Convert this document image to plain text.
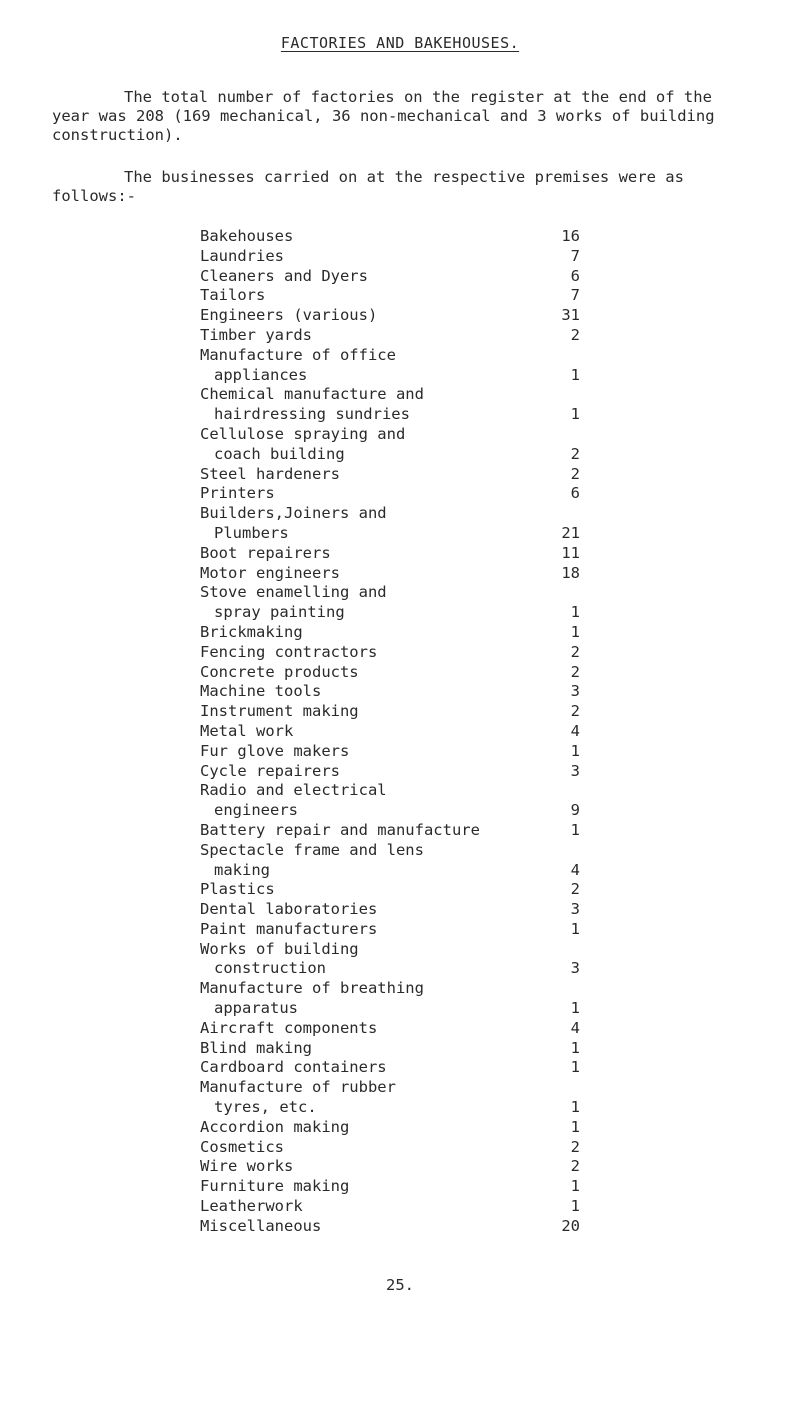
FACTORIES AND BAKEHOUSES.

The total number of factories on the register at the end of the year was 208 (169 mechanical, 36 non-mechanical and 3 works of building construction).

The businesses carried on at the respective premises were as follows:-

Bakehouses	16
Laundries	7
Cleaners and Dyers	6
Tailors	7
Engineers (various)	31
Timber yards	2
Manufacture of office
appliances	1
Chemical manufacture and
hairdressing sundries	1
Cellulose spraying and
coach building	2
Steel hardeners	2
Printers	6
Builders,Joiners and
Plumbers	21
Boot repairers	11
Motor engineers	18
Stove enamelling and
spray painting	1
Brickmaking	1
Fencing contractors	2
Concrete products	2
Machine tools	3
Instrument making	2
Metal work	4
Fur glove makers	1
Cycle repairers	3
Radio and electrical
engineers	9
Battery repair and manufacture	1
Spectacle frame and lens
making	4
Plastics	2
Dental laboratories	3
Paint manufacturers	1
Works of building
construction	3
Manufacture of breathing
apparatus	1
Aircraft components	4
Blind making	1
Cardboard containers	1
Manufacture of rubber
tyres, etc.	1
Accordion making	1
Cosmetics	2
Wire works	2
Furniture making	1
Leatherwork	1
Miscellaneous	20
25.
